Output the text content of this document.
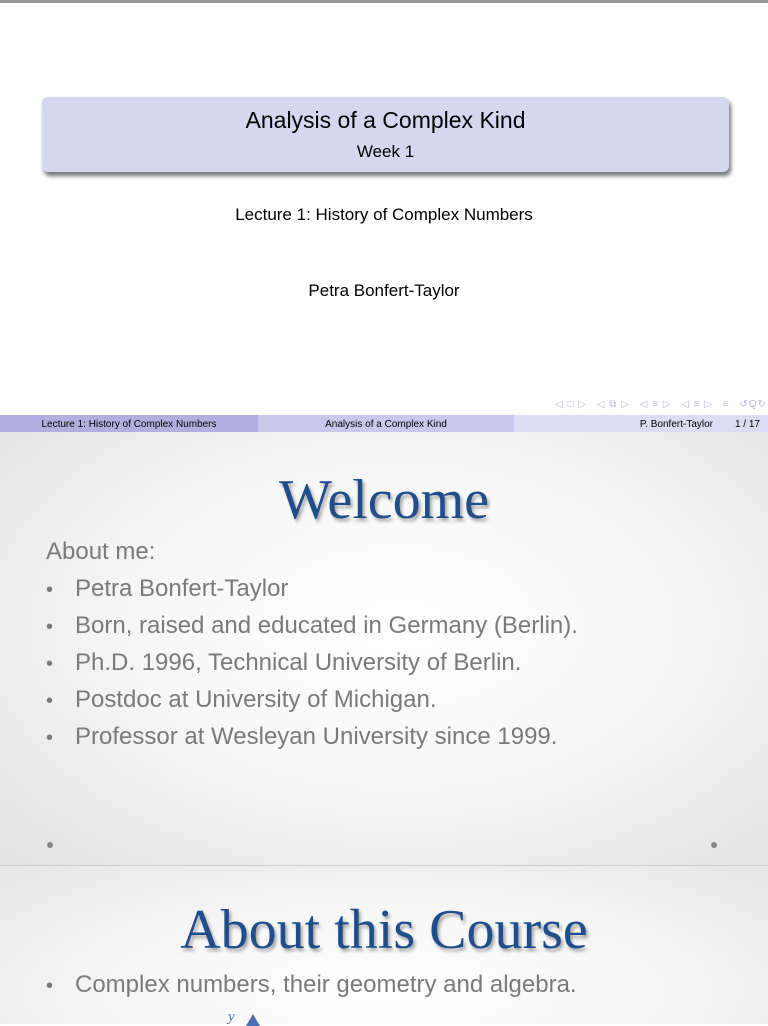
Analysis of a Complex Kind
Week 1
Lecture 1: History of Complex Numbers
Petra Bonfert-Taylor
◁ □ ▷ ◁ ⧉ ▷ ◁ ≡ ▷ ◁ ≡ ▷ ≡ ↺Q↻
Lecture 1: History of Complex Numbers	Analysis of a Complex Kind	P. Bonfert-Taylor 1 / 17
Welcome
About me:
• Petra Bonfert-Taylor
• Born, raised and educated in Germany (Berlin).
• Ph.D. 1996, Technical University of Berlin.
• Postdoc at University of Michigan.
• Professor at Wesleyan University since 1999.
About this Course
• Complex numbers, their geometry and algebra.
y
